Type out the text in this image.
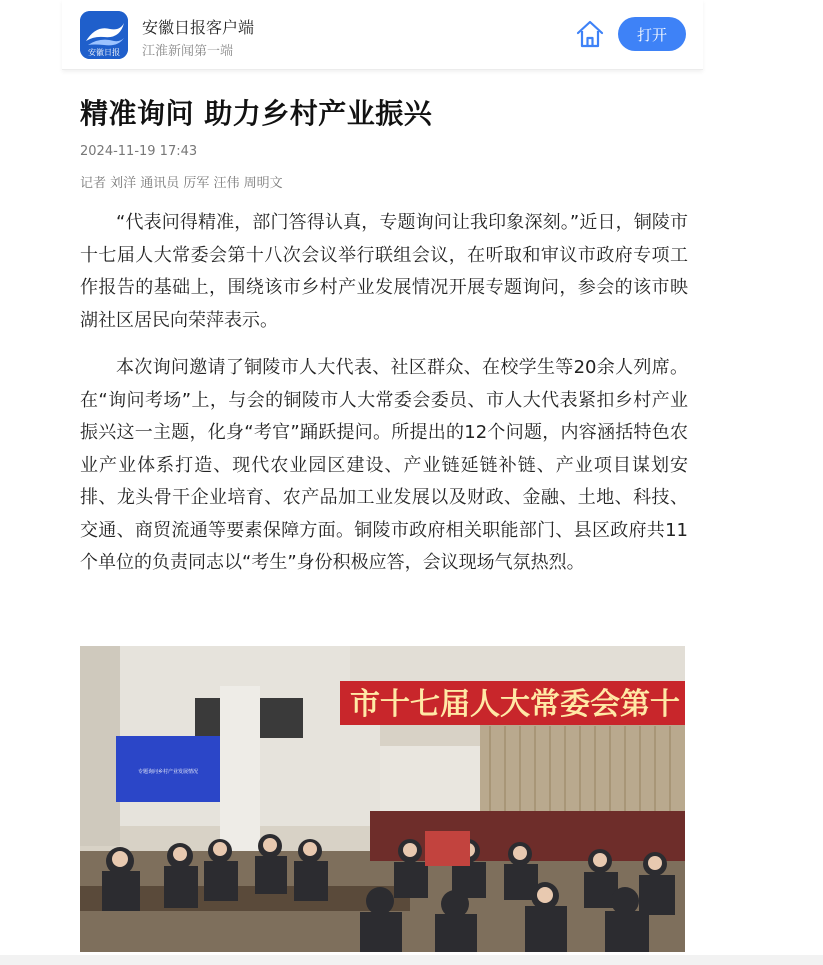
安徽日报
安徽日报客户端
江淮新闻第一端
打开
精准询问 助力乡村产业振兴
2024-11-19 17:43
记者 刘洋 通讯员 厉军 汪伟 周明文

“代表问得精准，部门答得认真，专题询问让我印象深刻。”近日，铜陵市十七届人大常委会第十八次会议举行联组会议，在听取和审议市政府专项工作报告的基础上，围绕该市乡村产业发展情况开展专题询问，参会的该市映湖社区居民向荣萍表示。

本次询问邀请了铜陵市人大代表、社区群众、在校学生等20余人列席。在“询问考场”上，与会的铜陵市人大常委会委员、市人大代表紧扣乡村产业振兴这一主题，化身“考官”踊跃提问。所提出的12个问题，内容涵括特色农业产业体系打造、现代农业园区建设、产业链延链补链、产业项目谋划安排、龙头骨干企业培育、农产品加工业发展以及财政、金融、土地、科技、交通、商贸流通等要素保障方面。铜陵市政府相关职能部门、县区政府共11个单位的负责同志以“考生”身份积极应答，会议现场气氛热烈。

市十七届人大常委会第十
专题询问乡村产业发展情况
